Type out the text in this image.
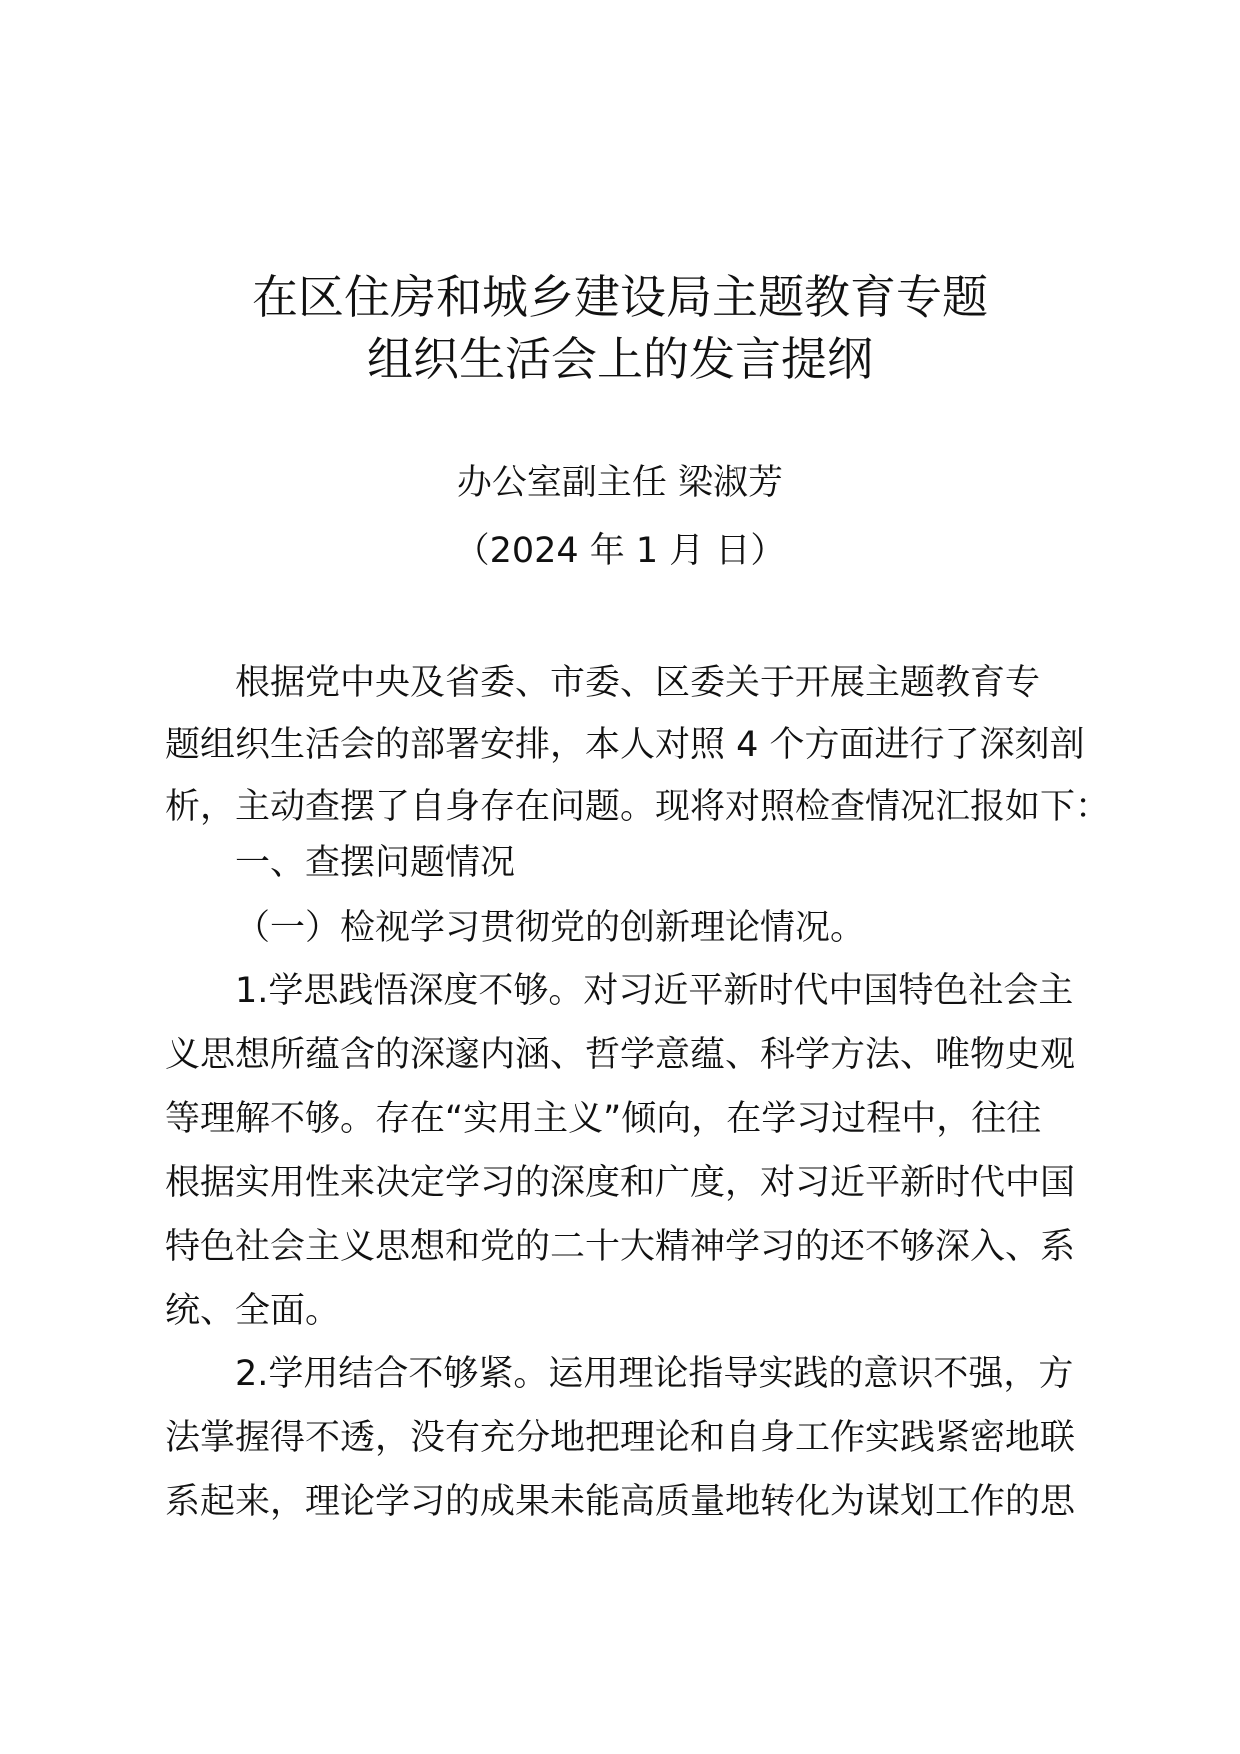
在区住房和城乡建设局主题教育专题
组织生活会上的发言提纲
办公室副主任 梁淑芳
（2024 年 1 月 日）
根据党中央及省委、市委、区委关于开展主题教育专
题组织生活会的部署安排，本人对照 4 个方面进行了深刻剖
析，主动查摆了自身存在问题。现将对照检查情况汇报如下：
一、查摆问题情况
（一）检视学习贯彻党的创新理论情况。
1.学思践悟深度不够。对习近平新时代中国特色社会主
义思想所蕴含的深邃内涵、哲学意蕴、科学方法、唯物史观
等理解不够。存在“实用主义”倾向，在学习过程中，往往
根据实用性来决定学习的深度和广度，对习近平新时代中国
特色社会主义思想和党的二十大精神学习的还不够深入、系
统、全面。
2.学用结合不够紧。运用理论指导实践的意识不强，方
法掌握得不透，没有充分地把理论和自身工作实践紧密地联
系起来，理论学习的成果未能高质量地转化为谋划工作的思
